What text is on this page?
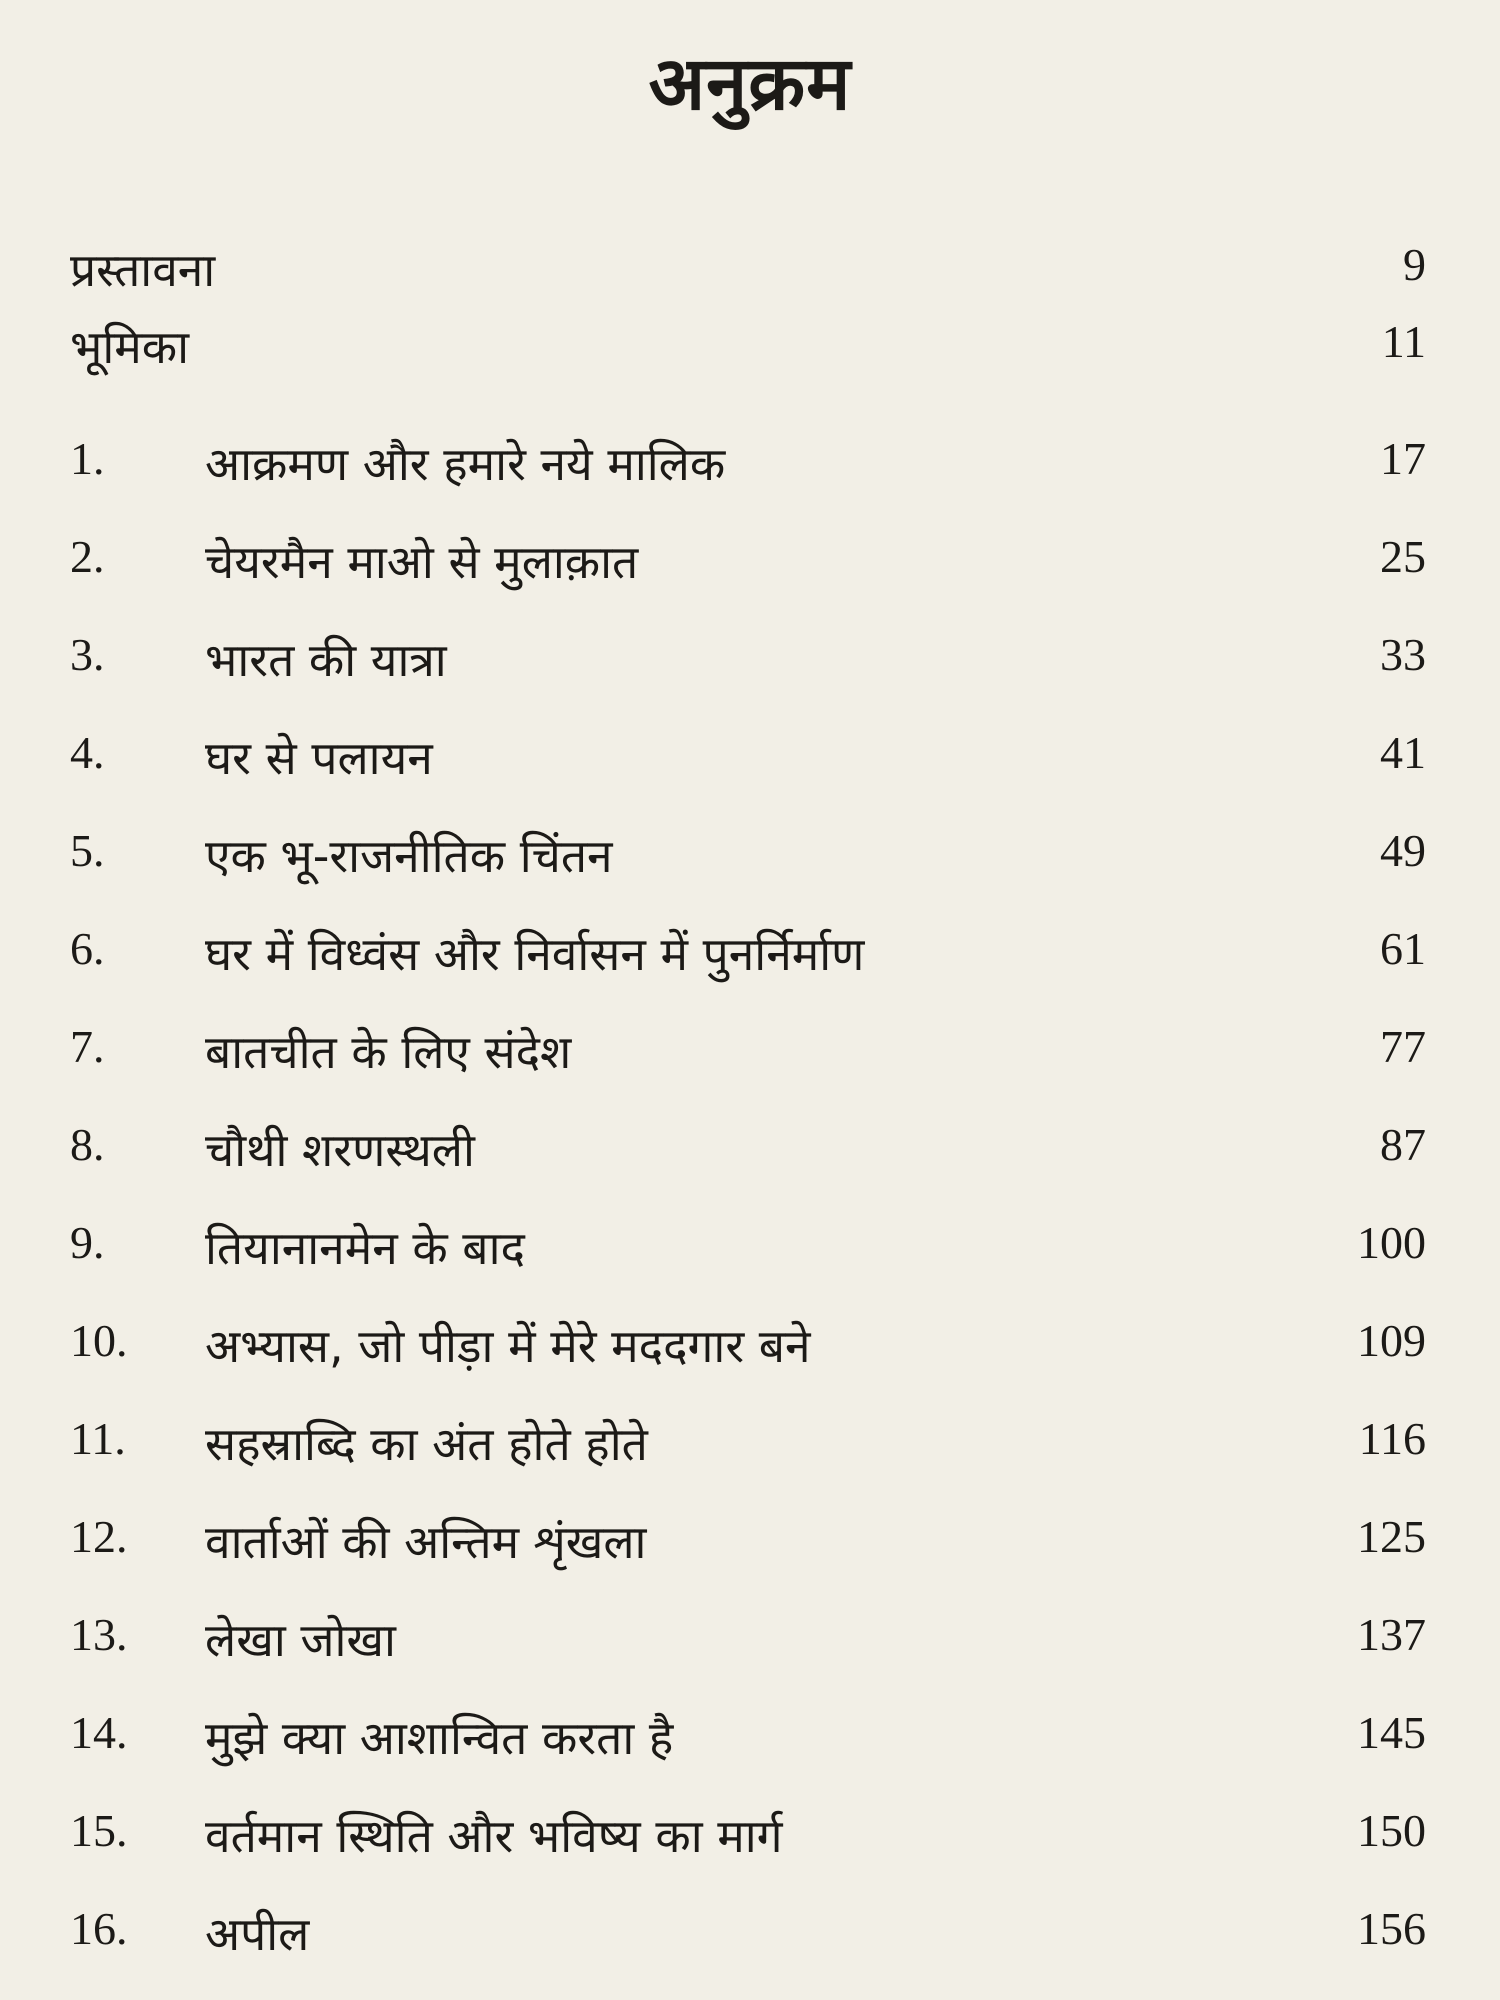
अनुक्रम
प्रस्तावना	9
भूमिका	11
1. आक्रमण और हमारे नये मालिक	17
2. चेयरमैन माओ से मुलाक़ात	25
3. भारत की यात्रा	33
4. घर से पलायन	41
5. एक भू-राजनीतिक चिंतन	49
6. घर में विध्वंस और निर्वासन में पुनर्निर्माण	61
7. बातचीत के लिए संदेश	77
8. चौथी शरणस्थली	87
9. तियानानमेन के बाद	100
10. अभ्यास, जो पीड़ा में मेरे मददगार बने	109
11. सहस्राब्दि का अंत होते होते	116
12. वार्ताओं की अन्तिम शृंखला	125
13. लेखा जोखा	137
14. मुझे क्या आशान्वित करता है	145
15. वर्तमान स्थिति और भविष्य का मार्ग	150
16. अपील	156
